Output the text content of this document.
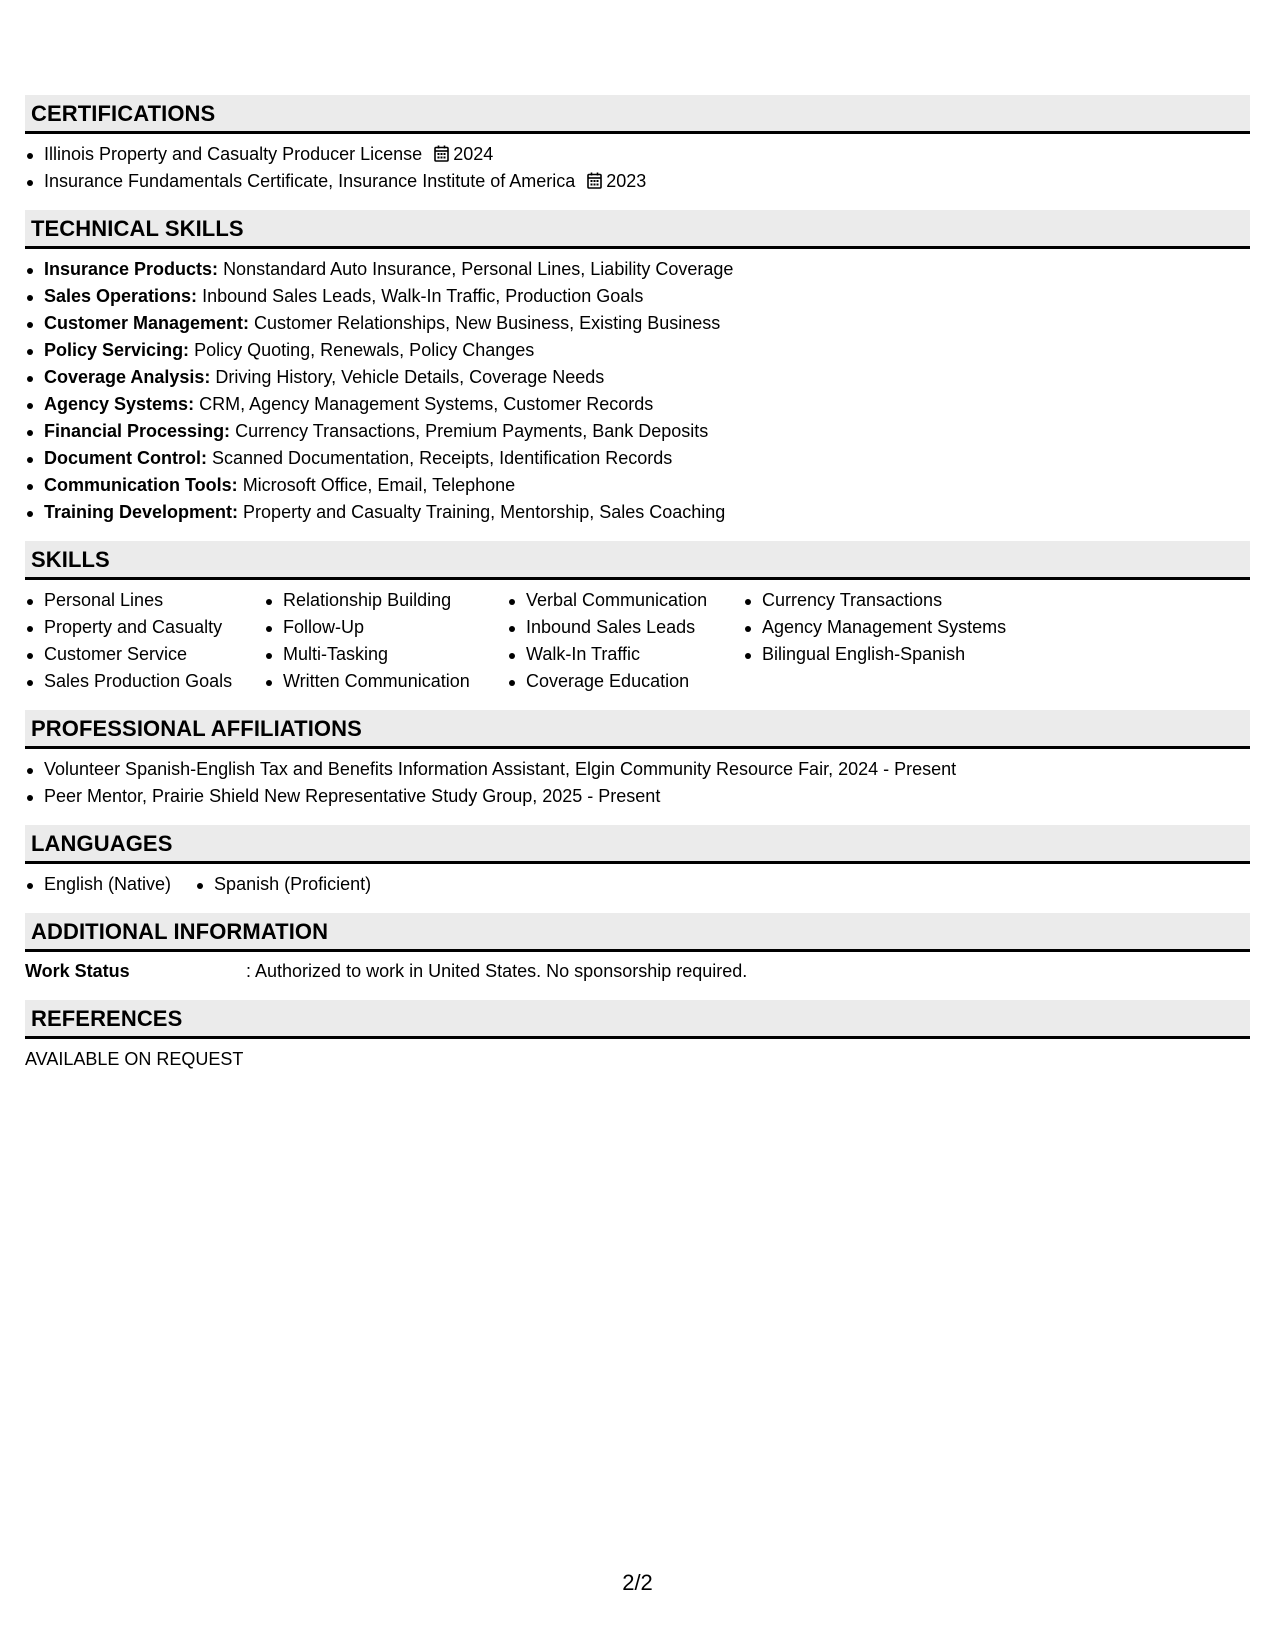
CERTIFICATIONS
Illinois Property and Casualty Producer License 2024
Insurance Fundamentals Certificate, Insurance Institute of America 2023
TECHNICAL SKILLS
Insurance Products: Nonstandard Auto Insurance, Personal Lines, Liability Coverage
Sales Operations: Inbound Sales Leads, Walk-In Traffic, Production Goals
Customer Management: Customer Relationships, New Business, Existing Business
Policy Servicing: Policy Quoting, Renewals, Policy Changes
Coverage Analysis: Driving History, Vehicle Details, Coverage Needs
Agency Systems: CRM, Agency Management Systems, Customer Records
Financial Processing: Currency Transactions, Premium Payments, Bank Deposits
Document Control: Scanned Documentation, Receipts, Identification Records
Communication Tools: Microsoft Office, Email, Telephone
Training Development: Property and Casualty Training, Mentorship, Sales Coaching
SKILLS
Personal Lines
Property and Casualty
Customer Service
Sales Production Goals
Relationship Building
Follow-Up
Multi-Tasking
Written Communication
Verbal Communication
Inbound Sales Leads
Walk-In Traffic
Coverage Education
Currency Transactions
Agency Management Systems
Bilingual English-Spanish
PROFESSIONAL AFFILIATIONS
Volunteer Spanish-English Tax and Benefits Information Assistant, Elgin Community Resource Fair, 2024 - Present
Peer Mentor, Prairie Shield New Representative Study Group, 2025 - Present
LANGUAGES
English (Native)	Spanish (Proficient)
ADDITIONAL INFORMATION
Work Status	: Authorized to work in United States. No sponsorship required.
REFERENCES
AVAILABLE ON REQUEST
2/2
